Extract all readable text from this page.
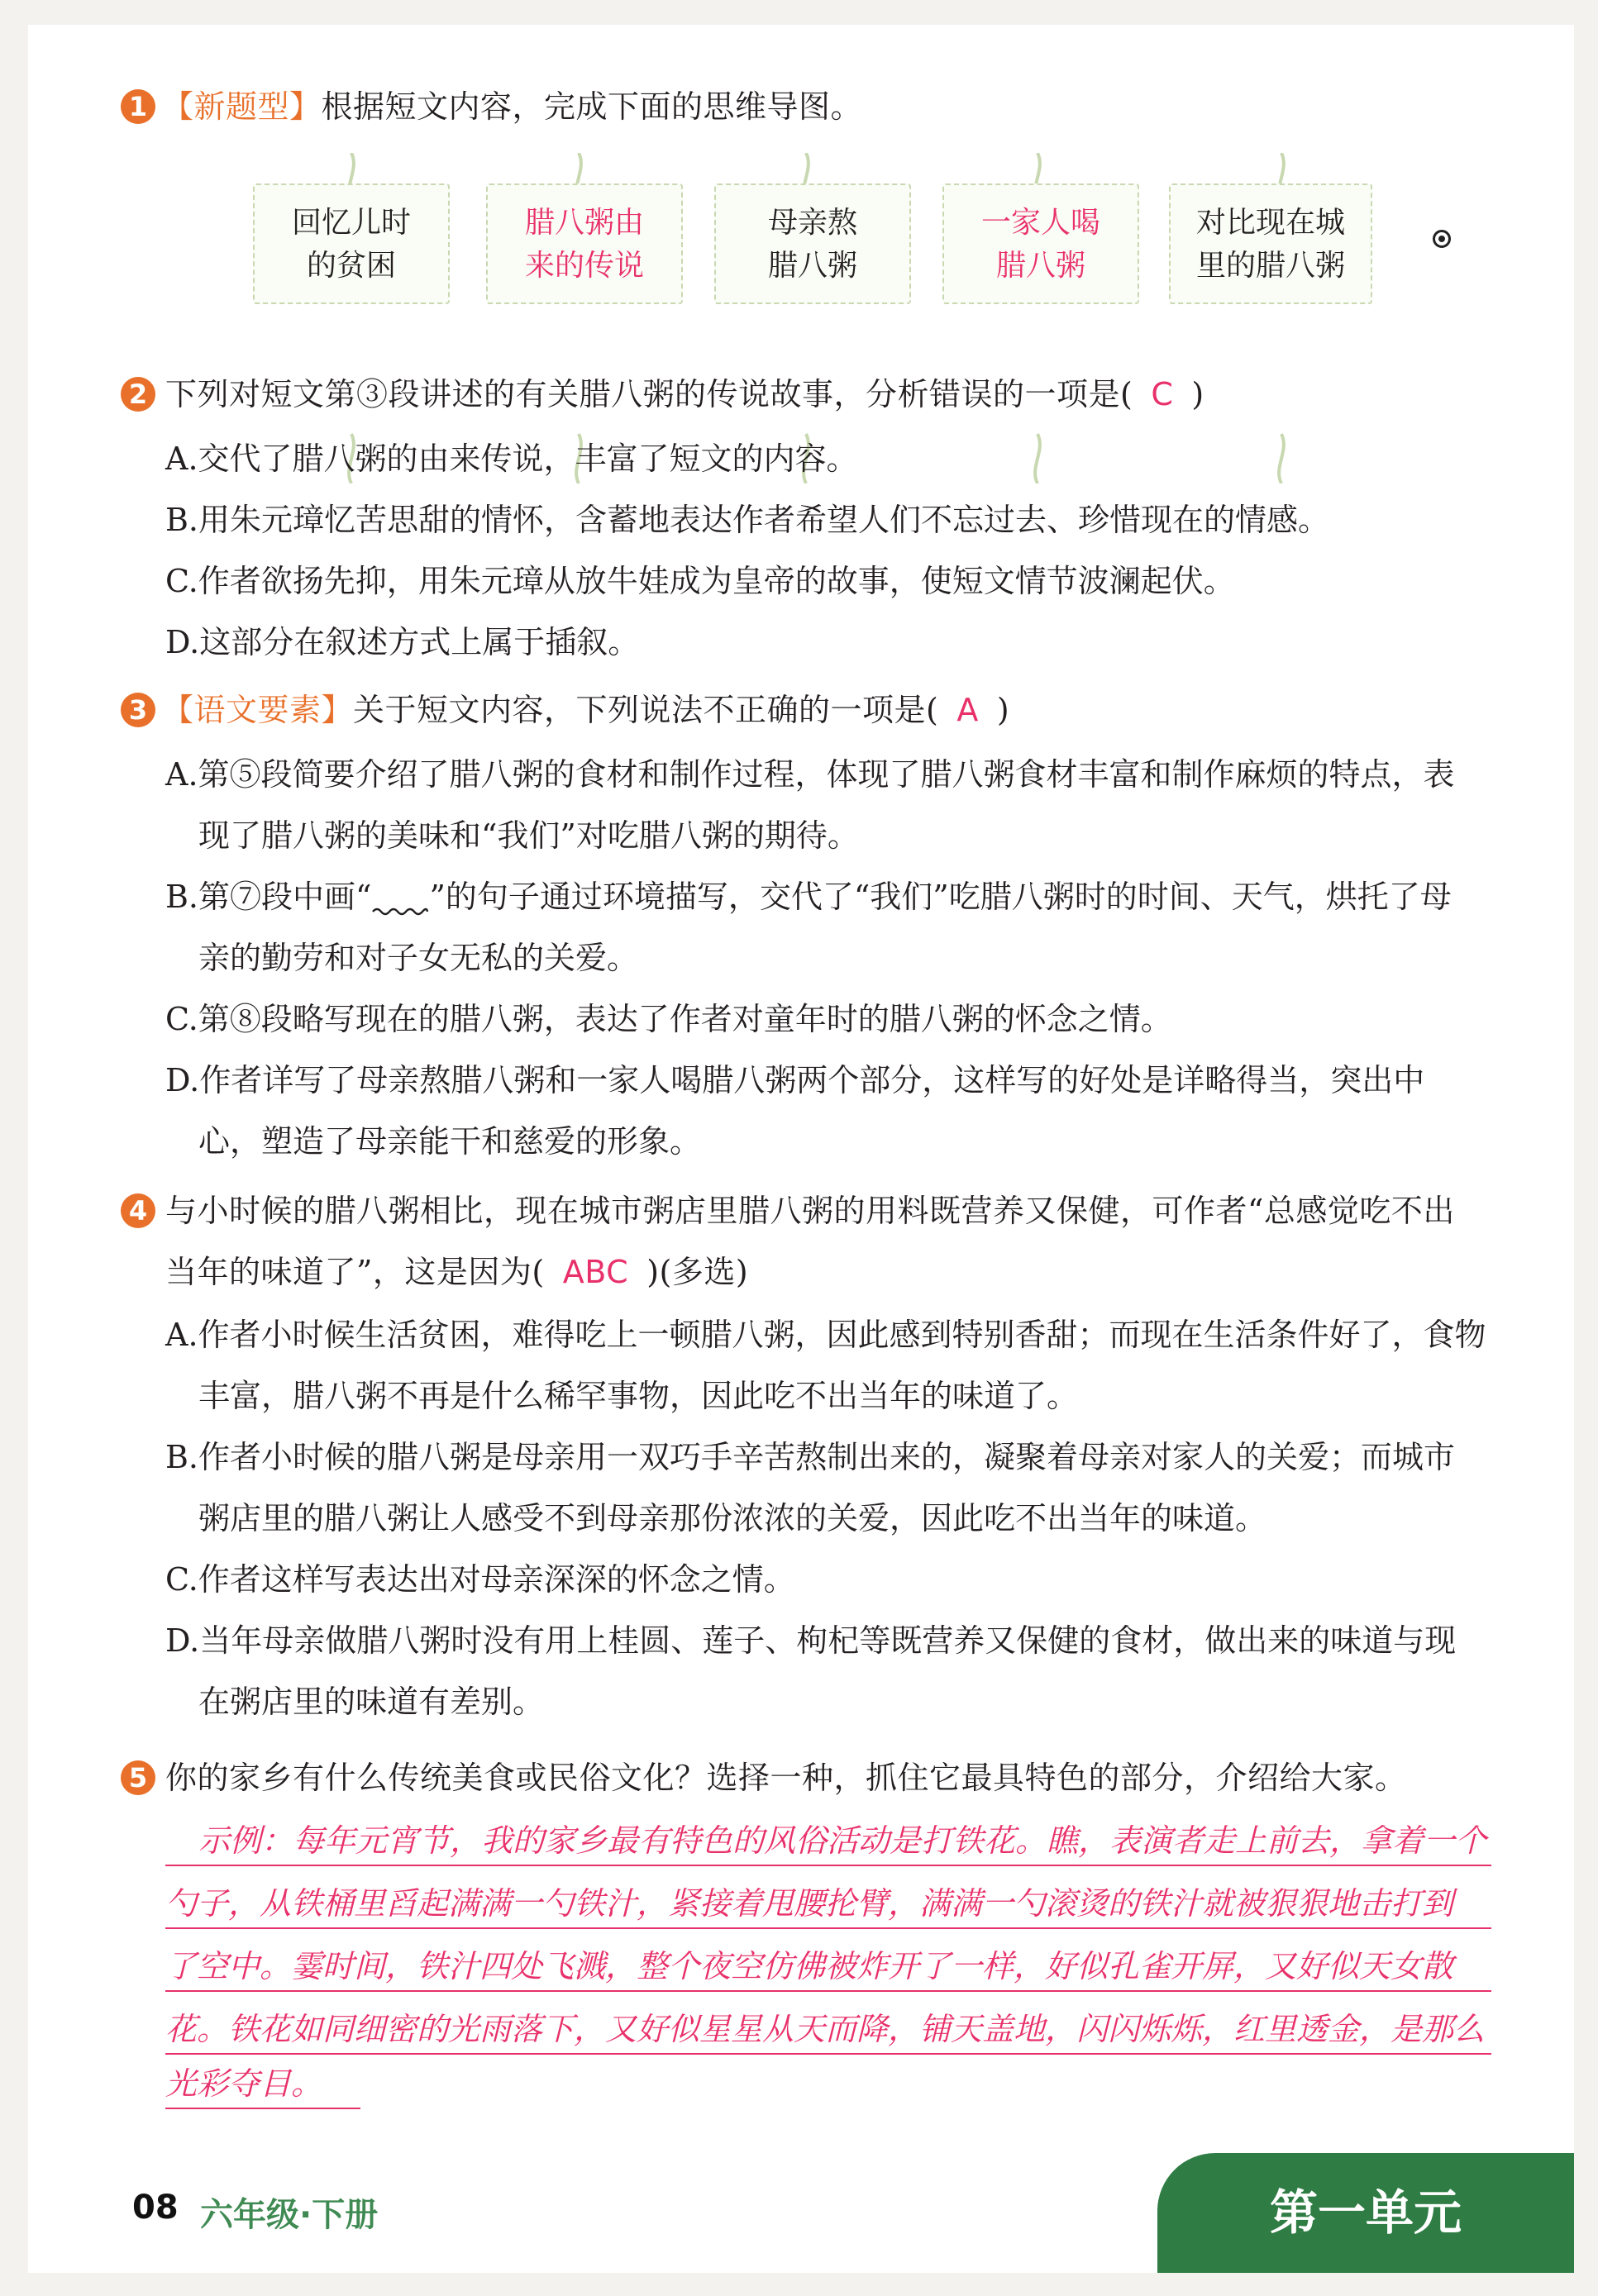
1 【新题型】根据短文内容，完成下面的思维导图。
回忆儿时
的贫困
腊八粥由
来的传说
母亲熬
腊八粥
一家人喝
腊八粥
对比现在城
里的腊八粥
2 下列对短文第③段讲述的有关腊八粥的传说故事，分析错误的一项是( C )
A.交代了腊八粥的由来传说，丰富了短文的内容。
B.用朱元璋忆苦思甜的情怀，含蓄地表达作者希望人们不忘过去、珍惜现在的情感。
C.作者欲扬先抑，用朱元璋从放牛娃成为皇帝的故事，使短文情节波澜起伏。
D.这部分在叙述方式上属于插叙。
3 【语文要素】关于短文内容，下列说法不正确的一项是( A )
A.第⑤段简要介绍了腊八粥的食材和制作过程，体现了腊八粥食材丰富和制作麻烦的特点，表
现了腊八粥的美味和“我们”对吃腊八粥的期待。
B.第⑦段中画“ ”的句子通过环境描写，交代了“我们”吃腊八粥时的时间、天气，烘托了母
亲的勤劳和对子女无私的关爱。
C.第⑧段略写现在的腊八粥，表达了作者对童年时的腊八粥的怀念之情。
D.作者详写了母亲熬腊八粥和一家人喝腊八粥两个部分，这样写的好处是详略得当，突出中
心，塑造了母亲能干和慈爱的形象。
4 与小时候的腊八粥相比，现在城市粥店里腊八粥的用料既营养又保健，可作者“总感觉吃不出
当年的味道了”，这是因为( ABC )(多选)
A.作者小时候生活贫困，难得吃上一顿腊八粥，因此感到特别香甜；而现在生活条件好了，食物
丰富，腊八粥不再是什么稀罕事物，因此吃不出当年的味道了。
B.作者小时候的腊八粥是母亲用一双巧手辛苦熬制出来的，凝聚着母亲对家人的关爱；而城市
粥店里的腊八粥让人感受不到母亲那份浓浓的关爱，因此吃不出当年的味道。
C.作者这样写表达出对母亲深深的怀念之情。
D.当年母亲做腊八粥时没有用上桂圆、莲子、枸杞等既营养又保健的食材，做出来的味道与现
在粥店里的味道有差别。
5 你的家乡有什么传统美食或民俗文化？选择一种，抓住它最具特色的部分，介绍给大家。
示例：每年元宵节，我的家乡最有特色的风俗活动是打铁花。瞧，表演者走上前去，拿着一个
勺子，从铁桶里舀起满满一勺铁汁，紧接着甩腰抡臂，满满一勺滚烫的铁汁就被狠狠地击打到
了空中。霎时间，铁汁四处飞溅，整个夜空仿佛被炸开了一样，好似孔雀开屏，又好似天女散
花。铁花如同细密的光雨落下，又好似星星从天而降，铺天盖地，闪闪烁烁，红里透金，是那么
光彩夺目。
08 六年级·下册	第一单元
